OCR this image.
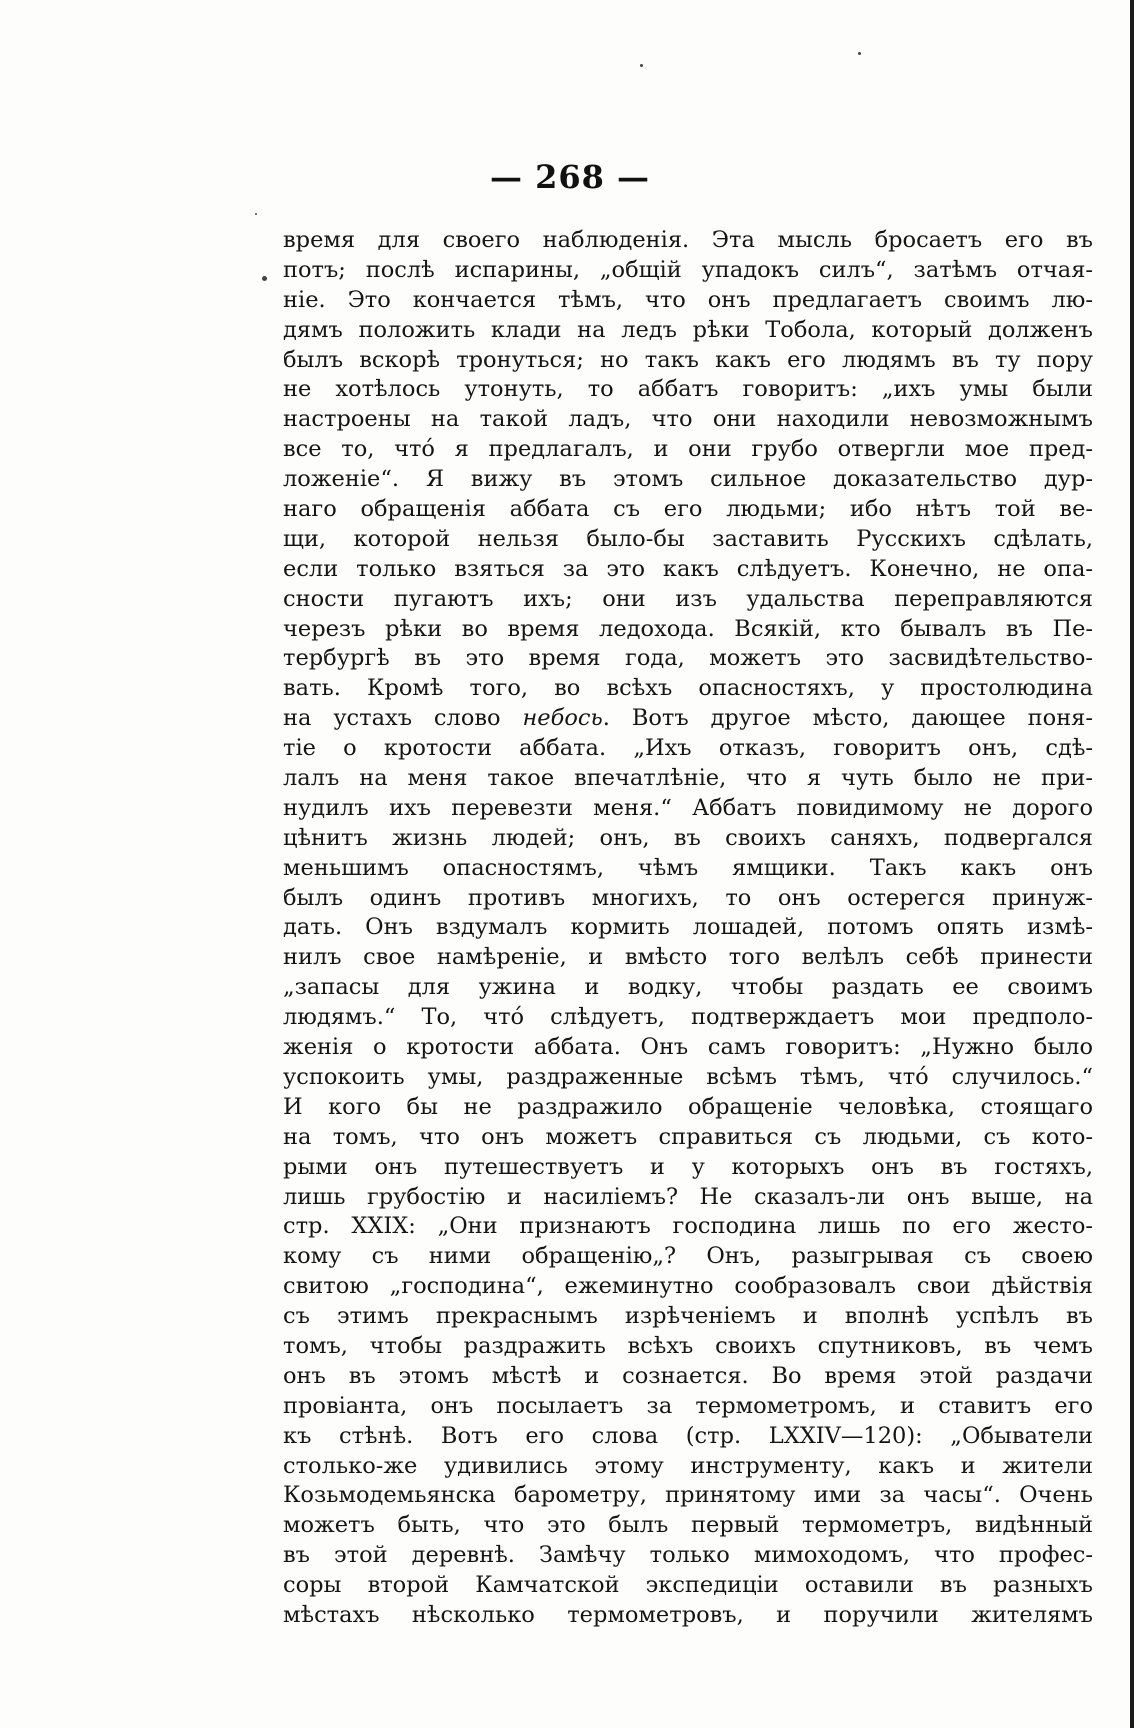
— 268 —
время для своего наблюденія. Эта мысль бросаетъ его въ
потъ; послѣ испарины, „общій упадокъ силъ“, затѣмъ отчая-
ніе. Это кончается тѣмъ, что онъ предлагаетъ своимъ лю-
дямъ положить клади на ледъ рѣки Тобола, который долженъ
былъ вскорѣ тронуться; но такъ какъ его людямъ въ ту пору
не хотѣлось утонуть, то аббатъ говоритъ: „ихъ умы были
настроены на такой ладъ, что они находили невозможнымъ
все то, что́ я предлагалъ, и они грубо отвергли мое пред-
ложеніе“. Я вижу въ этомъ сильное доказательство дур-
наго обращенія аббата съ его людьми; ибо нѣтъ той ве-
щи, которой нельзя было-бы заставить Русскихъ сдѣлать,
если только взяться за это какъ слѣдуетъ. Конечно, не опа-
сности пугаютъ ихъ; они изъ удальства переправляются
черезъ рѣки во время ледохода. Всякій, кто бывалъ въ Пе-
тербургѣ въ это время года, можетъ это засвидѣтельство-
вать. Кромѣ того, во всѣхъ опасностяхъ, у простолюдина
на устахъ слово небось. Вотъ другое мѣсто, дающее поня-
тіе о кротости аббата. „Ихъ отказъ, говоритъ онъ, сдѣ-
лалъ на меня такое впечатлѣніе, что я чуть было не при-
нудилъ ихъ перевезти меня.“ Аббатъ повидимому не дорого
цѣнитъ жизнь людей; онъ, въ своихъ саняхъ, подвергался
меньшимъ опасностямъ, чѣмъ ямщики. Такъ какъ онъ
былъ одинъ противъ многихъ, то онъ остерегся принуж-
дать. Онъ вздумалъ кормить лошадей, потомъ опять измѣ-
нилъ свое намѣреніе, и вмѣсто того велѣлъ себѣ принести
„запасы для ужина и водку, чтобы раздать ее своимъ
людямъ.“ То, что́ слѣдуетъ, подтверждаетъ мои предполо-
женія о кротости аббата. Онъ самъ говоритъ: „Нужно было
успокоить умы, раздраженные всѣмъ тѣмъ, что́ случилось.“
И кого бы не раздражило обращеніе человѣка, стоящаго
на томъ, что онъ можетъ справиться съ людьми, съ кото-
рыми онъ путешествуетъ и у которыхъ онъ въ гостяхъ,
лишь грубостію и насиліемъ? Не сказалъ-ли онъ выше, на
стр. XXIX: „Они признаютъ господина лишь по его жесто-
кому съ ними обращенію„? Онъ, разыгрывая съ своею
свитою „господина“, ежеминутно сообразовалъ свои дѣйствія
съ этимъ прекраснымъ изрѣченіемъ и вполнѣ успѣлъ въ
томъ, чтобы раздражить всѣхъ своихъ спутниковъ, въ чемъ
онъ въ этомъ мѣстѣ и сознается. Во время этой раздачи
провіанта, онъ посылаетъ за термометромъ, и ставитъ его
къ стѣнѣ. Вотъ его слова (стр. LXXIV—120): „Обыватели
столько-же удивились этому инструменту, какъ и жители
Козьмодемьянска барометру, принятому ими за часы“. Очень
можетъ быть, что это былъ первый термометръ, видѣнный
въ этой деревнѣ. Замѣчу только мимоходомъ, что профес-
соры второй Камчатской экспедиціи оставили въ разныхъ
мѣстахъ нѣсколько термометровъ, и поручили жителямъ
